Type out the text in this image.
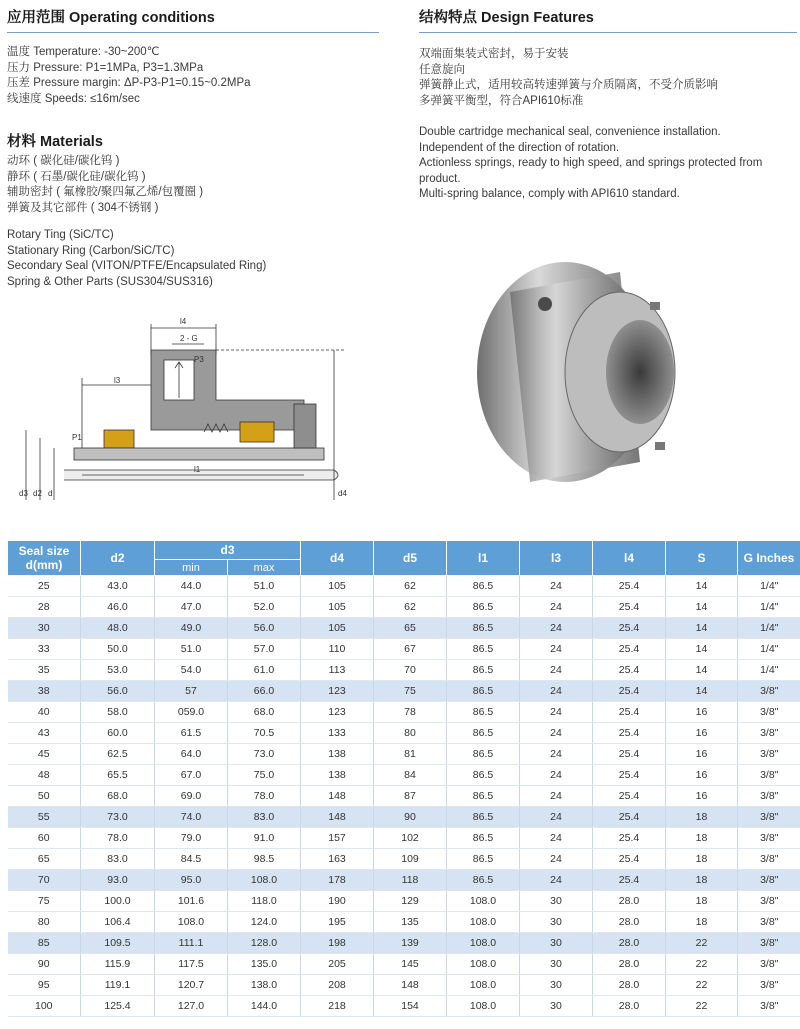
应用范围 Operating conditions
温度 Temperature: -30~200℃
压力 Pressure: P1=1MPa, P3=1.3MPa
压差 Pressure margin: ΔP-P3-P1=0.15~0.2MPa
线速度 Speeds: ≤16m/sec
材料 Materials
动环 ( 碳化硅/碳化钨 )
静环 ( 石墨/碳化硅/碳化钨 )
辅助密封 ( 氟橡胶/聚四氟乙烯/包覆圈 )
弹簧及其它部件 ( 304不锈钢 )
Rotary Ting (SiC/TC)
Stationary Ring (Carbon/SiC/TC)
Secondary Seal (VITON/PTFE/Encapsulated Ring)
Spring & Other Parts (SUS304/SUS316)
结构特点 Design Features
双端面集装式密封，易于安装
任意旋向
弹簧静止式，适用较高转速弹簧与介质隔离，不受介质影响
多弹簧平衡型，符合API610标准
Double cartridge mechanical seal, convenience installation.
Independent of the direction of rotation.
Actionless springs, ready to high speed, and springs protected from product.
Multi-spring balance, comply with API610 standard.
l4
2 - G
P3
l3
P1
l1
d3 d2 d	d4
Seal size d(mm)	d2	d3		d4	d5	l1	l3	l4	S	G Inches
		min	max							
25	43.0	44.0	51.0	105	62	86.5	24	25.4	14	1/4"
28	46.0	47.0	52.0	105	62	86.5	24	25.4	14	1/4"
30	48.0	49.0	56.0	105	65	86.5	24	25.4	14	1/4"
33	50.0	51.0	57.0	110	67	86.5	24	25.4	14	1/4"
35	53.0	54.0	61.0	113	70	86.5	24	25.4	14	1/4"
38	56.0	57	66.0	123	75	86.5	24	25.4	14	3/8"
40	58.0	059.0	68.0	123	78	86.5	24	25.4	16	3/8"
43	60.0	61.5	70.5	133	80	86.5	24	25.4	16	3/8"
45	62.5	64.0	73.0	138	81	86.5	24	25.4	16	3/8"
48	65.5	67.0	75.0	138	84	86.5	24	25.4	16	3/8"
50	68.0	69.0	78.0	148	87	86.5	24	25.4	16	3/8"
55	73.0	74.0	83.0	148	90	86.5	24	25.4	18	3/8"
60	78.0	79.0	91.0	157	102	86.5	24	25.4	18	3/8"
65	83.0	84.5	98.5	163	109	86.5	24	25.4	18	3/8"
70	93.0	95.0	108.0	178	118	86.5	24	25.4	18	3/8"
75	100.0	101.6	118.0	190	129	108.0	30	28.0	18	3/8"
80	106.4	108.0	124.0	195	135	108.0	30	28.0	18	3/8"
85	109.5	111.1	128.0	198	139	108.0	30	28.0	22	3/8"
90	115.9	117.5	135.0	205	145	108.0	30	28.0	22	3/8"
95	119.1	120.7	138.0	208	148	108.0	30	28.0	22	3/8"
100	125.4	127.0	144.0	218	154	108.0	30	28.0	22	3/8"
